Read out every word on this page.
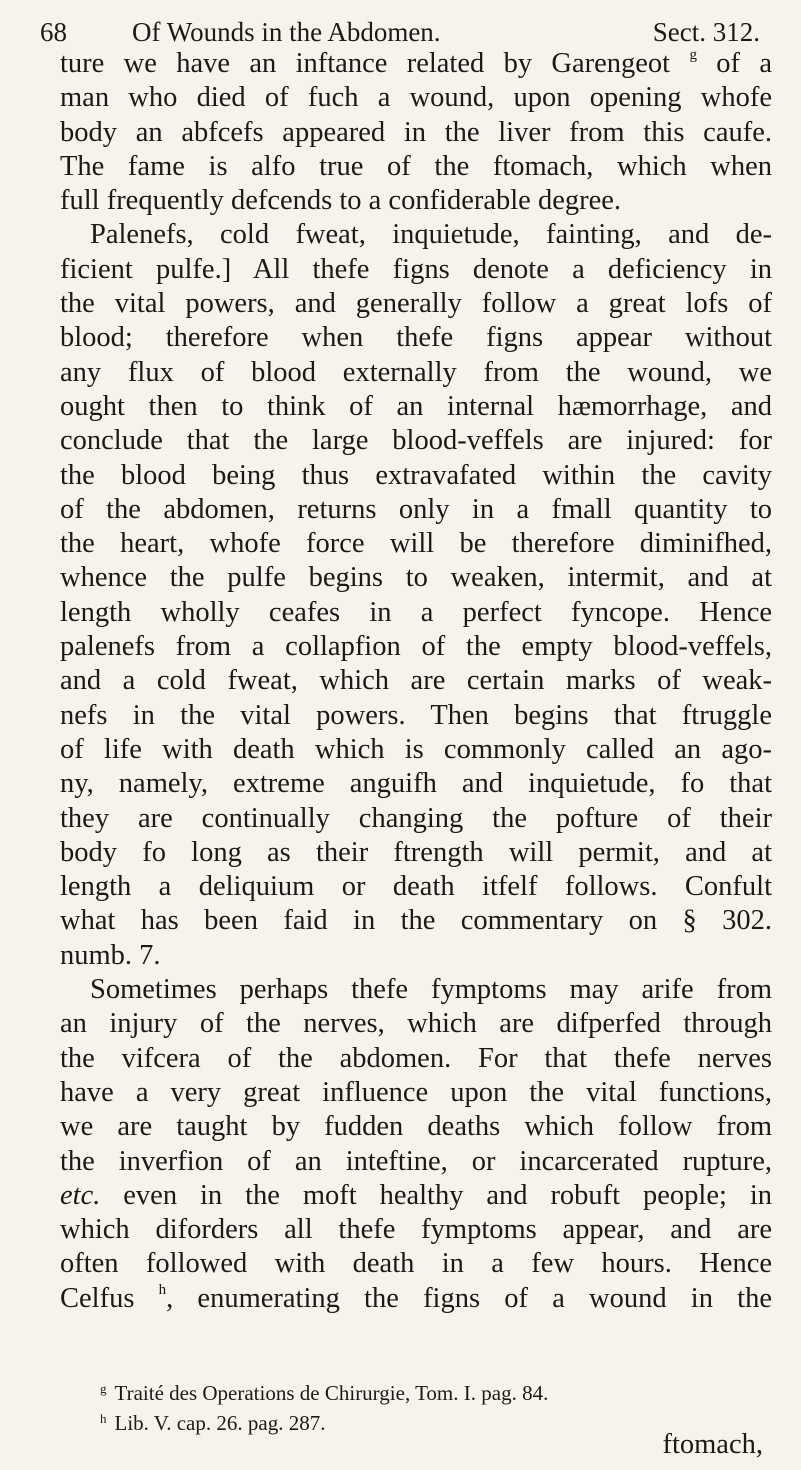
68 Of Wounds in the Abdomen.	Sect. 312.
ture we have an inftance related by Garengeot $^g$ of a
man who died of fuch a wound, upon opening whofe
body an abfcefs appeared in the liver from this caufe.
The fame is alfo true of the ftomach, which when
full frequently defcends to a confiderable degree.
Palenefs, cold fweat, inquietude, fainting, and de-
ficient pulfe.] All thefe figns denote a deficiency in
the vital powers, and generally follow a great lofs of
blood; therefore when thefe figns appear without
any flux of blood externally from the wound, we
ought then to think of an internal hæmorrhage, and
conclude that the large blood-veffels are injured: for
the blood being thus extravafated within the cavity
of the abdomen, returns only in a fmall quantity to
the heart, whofe force will be therefore diminifhed,
whence the pulfe begins to weaken, intermit, and at
length wholly ceafes in a perfect fyncope. Hence
palenefs from a collapfion of the empty blood-veffels,
and a cold fweat, which are certain marks of weak-
nefs in the vital powers. Then begins that ftruggle
of life with death which is commonly called an ago-
ny, namely, extreme anguifh and inquietude, fo that
they are continually changing the pofture of their
body fo long as their ftrength will permit, and at
length a deliquium or death itfelf follows. Confult
what has been faid in the commentary on § 302.
numb. 7.
Sometimes perhaps thefe fymptoms may arife from
an injury of the nerves, which are difperfed through
the vifcera of the abdomen. For that thefe nerves
have a very great influence upon the vital functions,
we are taught by fudden deaths which follow from
the inverfion of an inteftine, or incarcerated rupture,
etc. even in the moft healthy and robuft people; in
which diforders all thefe fymptoms appear, and are
often followed with death in a few hours. Hence
Celfus $^h$, enumerating the figns of a wound in the
$^g$ Traité des Operations de Chirurgie, Tom. I. pag. 84.
$^h$ Lib. V. cap. 26. pag. 287.
ftomach,
